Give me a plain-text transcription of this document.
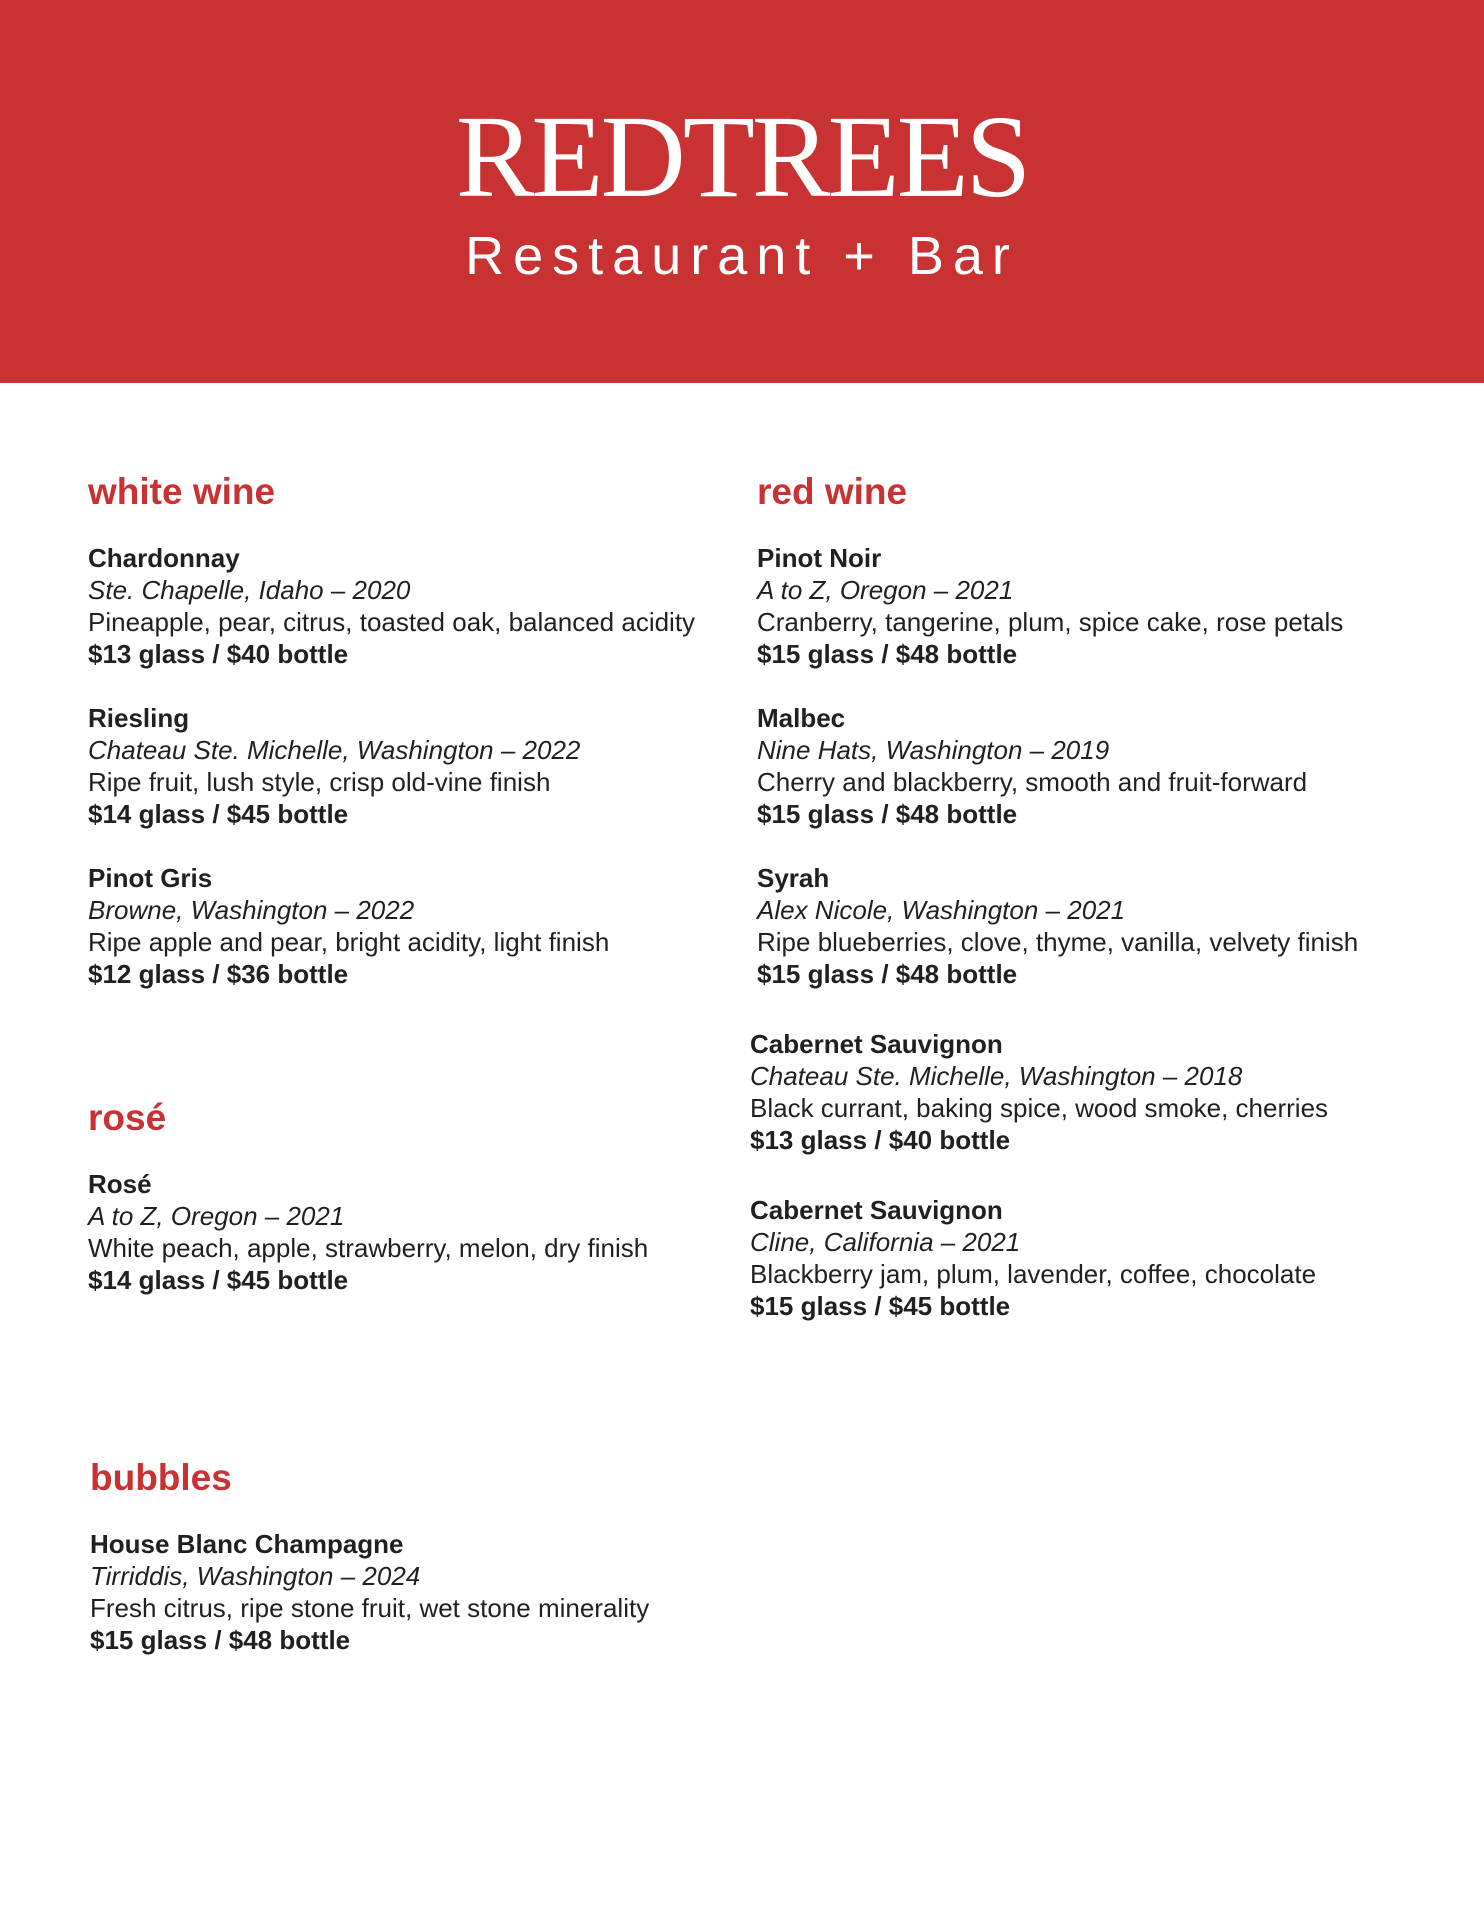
REDTREES

Restaurant + Bar

white wine
Chardonnay
Ste. Chapelle, Idaho – 2020
Pineapple, pear, citrus, toasted oak, balanced acidity
$13 glass / $40 bottle
Riesling
Chateau Ste. Michelle, Washington – 2022
Ripe fruit, lush style, crisp old-vine finish
$14 glass / $45 bottle
Pinot Gris
Browne, Washington – 2022
Ripe apple and pear, bright acidity, light finish
$12 glass / $36 bottle
rosé
Rosé
A to Z, Oregon – 2021
White peach, apple, strawberry, melon, dry finish
$14 glass / $45 bottle
bubbles
House Blanc Champagne
Tirriddis, Washington – 2024
Fresh citrus, ripe stone fruit, wet stone minerality
$15 glass / $48 bottle
red wine
Pinot Noir
A to Z, Oregon – 2021
Cranberry, tangerine, plum, spice cake, rose petals
$15 glass / $48 bottle
Malbec
Nine Hats, Washington – 2019
Cherry and blackberry, smooth and fruit-forward
$15 glass / $48 bottle
Syrah
Alex Nicole, Washington – 2021
Ripe blueberries, clove, thyme, vanilla, velvety finish
$15 glass / $48 bottle
Cabernet Sauvignon
Chateau Ste. Michelle, Washington – 2018
Black currant, baking spice, wood smoke, cherries
$13 glass / $40 bottle
Cabernet Sauvignon
Cline, California – 2021
Blackberry jam, plum, lavender, coffee, chocolate
$15 glass / $45 bottle
